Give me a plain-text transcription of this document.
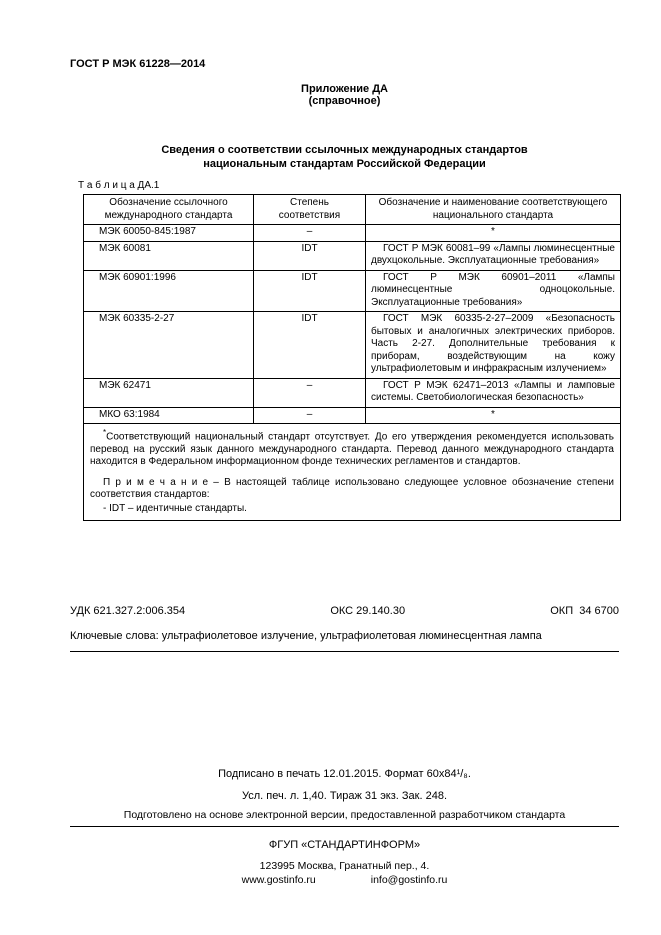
ГОСТ Р МЭК 61228—2014
Приложение ДА
(справочное)
Сведения о соответствии ссылочных международных стандартов
национальным стандартам Российской Федерации
Т а б л и ц а ДА.1
Обозначение ссылочного международного стандарта	Степень соответствия	Обозначение и наименование соответствующего национального стандарта
МЭК 60050-845:1987	–	*
МЭК 60081	IDT	ГОСТ Р МЭК 60081–99 «Лампы люминесцентные двухцокольные. Эксплуатационные требования»
МЭК 60901:1996	IDT	ГОСТ Р МЭК 60901–2011 «Лампы люминесцентные одноцокольные. Эксплуатационные требования»
МЭК 60335-2-27	IDT	ГОСТ МЭК 60335-2-27–2009 «Безопасность бытовых и аналогичных электрических приборов. Часть 2-27. Дополнительные требования к приборам, воздействующим на кожу ультрафиолетовым и инфракрасным излучением»
МЭК 62471	–	ГОСТ Р МЭК 62471–2013 «Лампы и ламповые системы. Светобиологическая безопасность»
МКО 63:1984	–	*

*Соответствующий национальный стандарт отсутствует. До его утверждения рекомендуется использовать перевод на русский язык данного международного стандарта. Перевод данного международного стандарта находится в Федеральном информационном фонде технических регламентов и стандартов.

П р и м е ч а н и е – В настоящей таблице использовано следующее условное обозначение степени соответствия стандартов:

- IDT – идентичные стандарты.		

УДК 621.327.2:006.354	ОКС 29.140.30	ОКП  34 6700
Ключевые слова: ультрафиолетовое излучение, ультрафиолетовая люминесцентная лампа
Подписано в печать 12.01.2015. Формат 60х84¹/₈.
Усл. печ. л. 1,40. Тираж 31 экз. Зак. 248.
Подготовлено на основе электронной версии, предоставленной разработчиком стандарта
ФГУП «СТАНДАРТИНФОРМ»
123995 Москва, Гранатный пер., 4.
www.gostinfo.ru	info@gostinfo.ru
